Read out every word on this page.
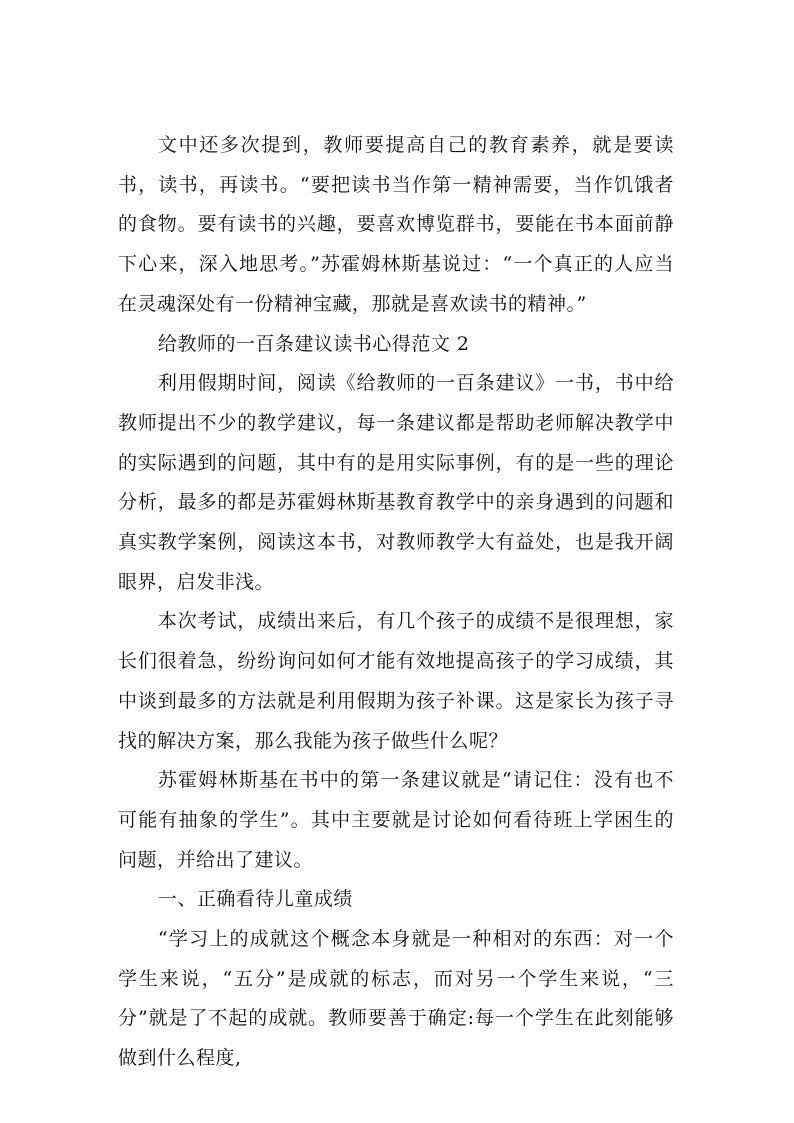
文中还多次提到，教师要提高自己的教育素养，就是要读书，读书，再读书。“要把读书当作第一精神需要，当作饥饿者的食物。要有读书的兴趣，要喜欢博览群书，要能在书本面前静下心来，深入地思考。”苏霍姆林斯基说过：“一个真正的人应当在灵魂深处有一份精神宝藏，那就是喜欢读书的精神。”

给教师的一百条建议读书心得范文 2

利用假期时间，阅读《给教师的一百条建议》一书，书中给教师提出不少的教学建议，每一条建议都是帮助老师解决教学中的实际遇到的问题，其中有的是用实际事例，有的是一些的理论分析，最多的都是苏霍姆林斯基教育教学中的亲身遇到的问题和真实教学案例，阅读这本书，对教师教学大有益处，也是我开阔眼界，启发非浅。

本次考试，成绩出来后，有几个孩子的成绩不是很理想，家长们很着急，纷纷询问如何才能有效地提高孩子的学习成绩，其中谈到最多的方法就是利用假期为孩子补课。这是家长为孩子寻找的解决方案，那么我能为孩子做些什么呢？

苏霍姆林斯基在书中的第一条建议就是“请记住：没有也不可能有抽象的学生”。其中主要就是讨论如何看待班上学困生的问题，并给出了建议。

一、正确看待儿童成绩

“学习上的成就这个概念本身就是一种相对的东西：对一个学生来说，“五分”是成就的标志，而对另一个学生来说，“三分”就是了不起的成就。教师要善于确定:每一个学生在此刻能够做到什么程度,
